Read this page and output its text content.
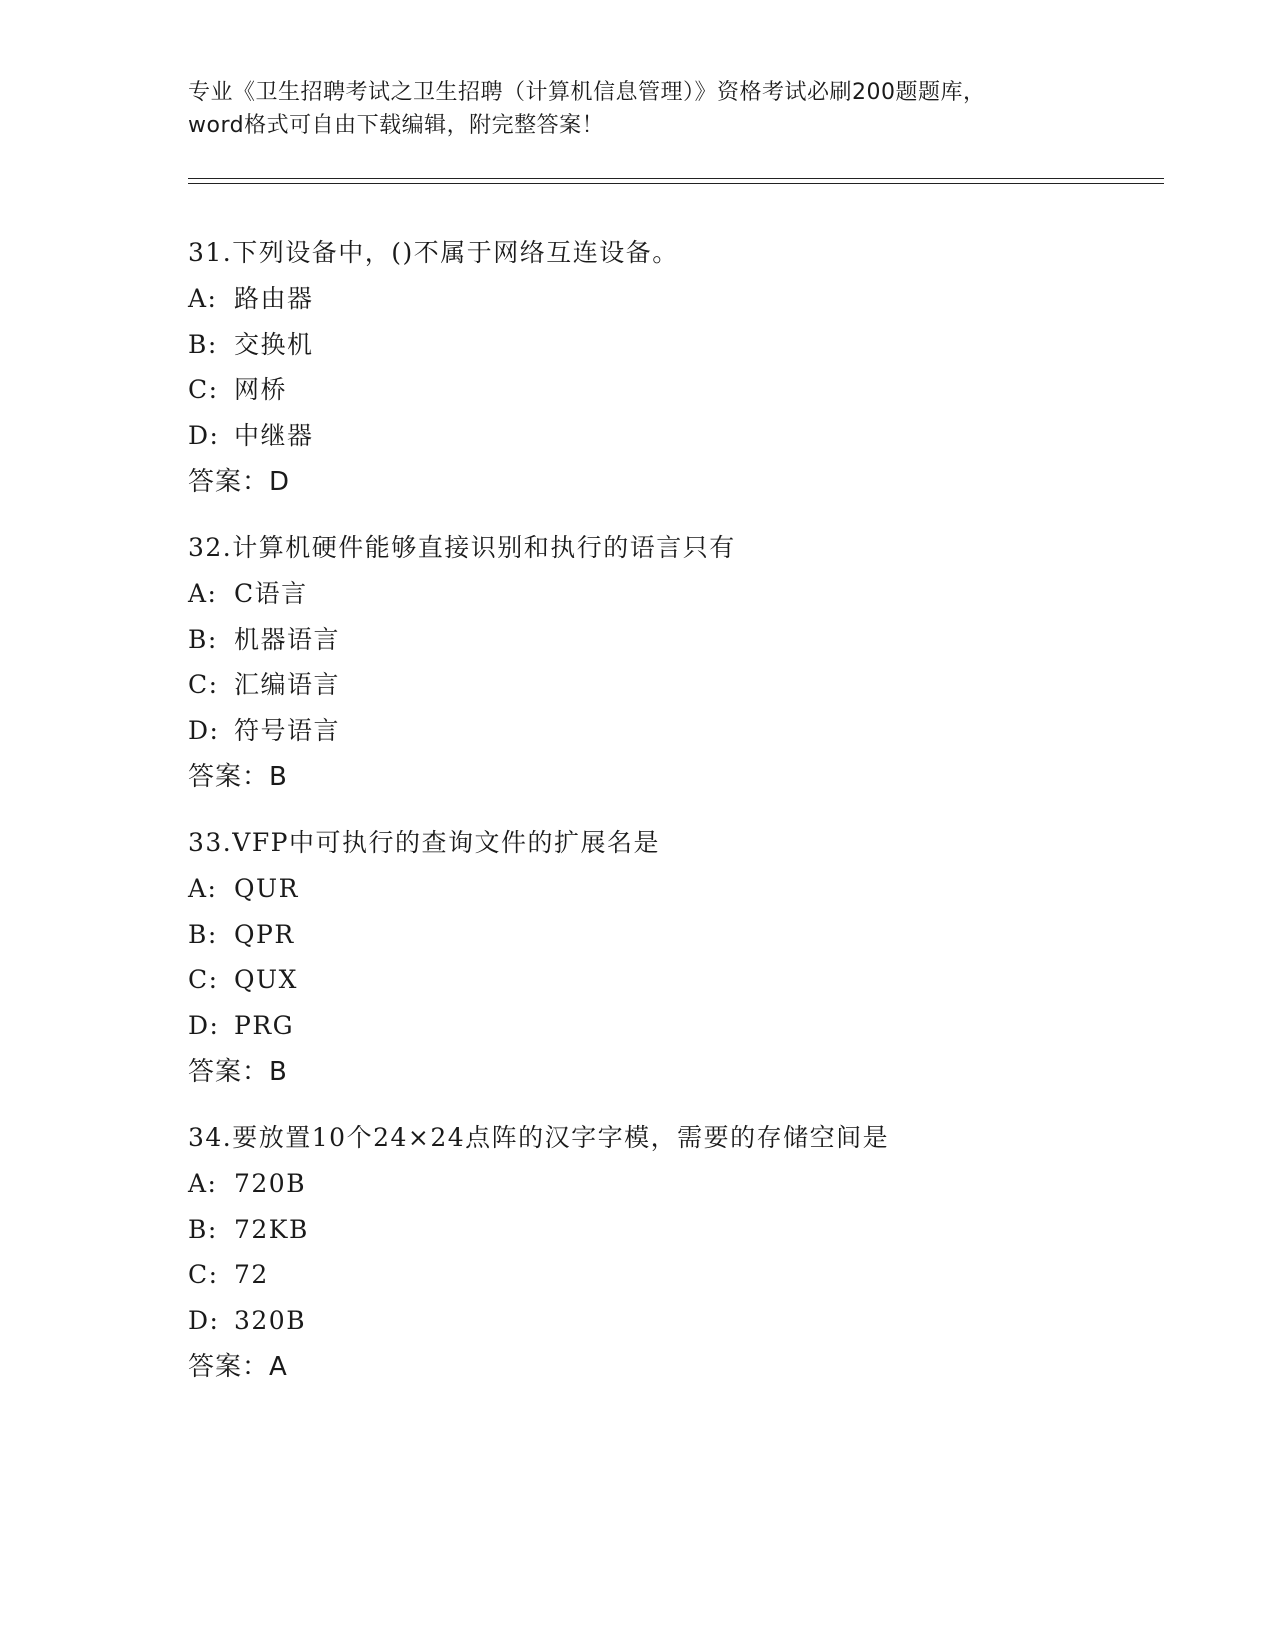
专业《卫生招聘考试之卫生招聘（计算机信息管理）》资格考试必刷200题题库，
word格式可自由下载编辑，附完整答案！
31.下列设备中，()不属于网络互连设备。
A: 路由器
B: 交换机
C: 网桥
D: 中继器
答案：D
32.计算机硬件能够直接识别和执行的语言只有
A: C语言
B: 机器语言
C: 汇编语言
D: 符号语言
答案：B
33.VFP中可执行的查询文件的扩展名是
A: QUR
B: QPR
C: QUX
D: PRG
答案：B
34.要放置10个24×24点阵的汉字字模，需要的存储空间是
A: 720B
B: 72KB
C: 72
D: 320B
答案：A
